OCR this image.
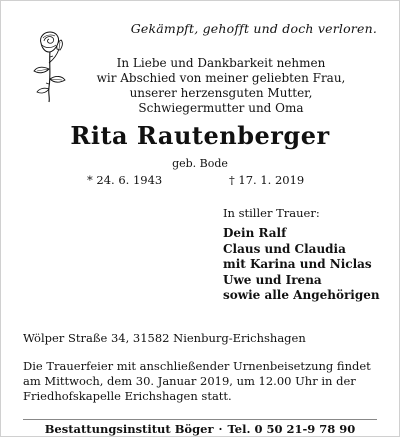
Gekämpft, gehofft und doch verloren.
In Liebe und Dankbarkeit nehmen
wir Abschied von meiner geliebten Frau,
unserer herzensguten Mutter,
Schwiegermutter und Oma
Rita Rautenberger
geb. Bode
* 24. 6. 1943	† 17. 1. 2019
In stiller Trauer:
Dein Ralf
Claus und Claudia
mit Karina und Niclas
Uwe und Irena
sowie alle Angehörigen
Wölper Straße 34, 31582 Nienburg-Erichshagen
Die Trauerfeier mit anschließender Urnenbeisetzung findet
am Mittwoch, dem 30. Januar 2019, um 12.00 Uhr in der
Friedhofskapelle Erichshagen statt.
Bestattungsinstitut Böger · Tel. 0 50 21-9 78 90
